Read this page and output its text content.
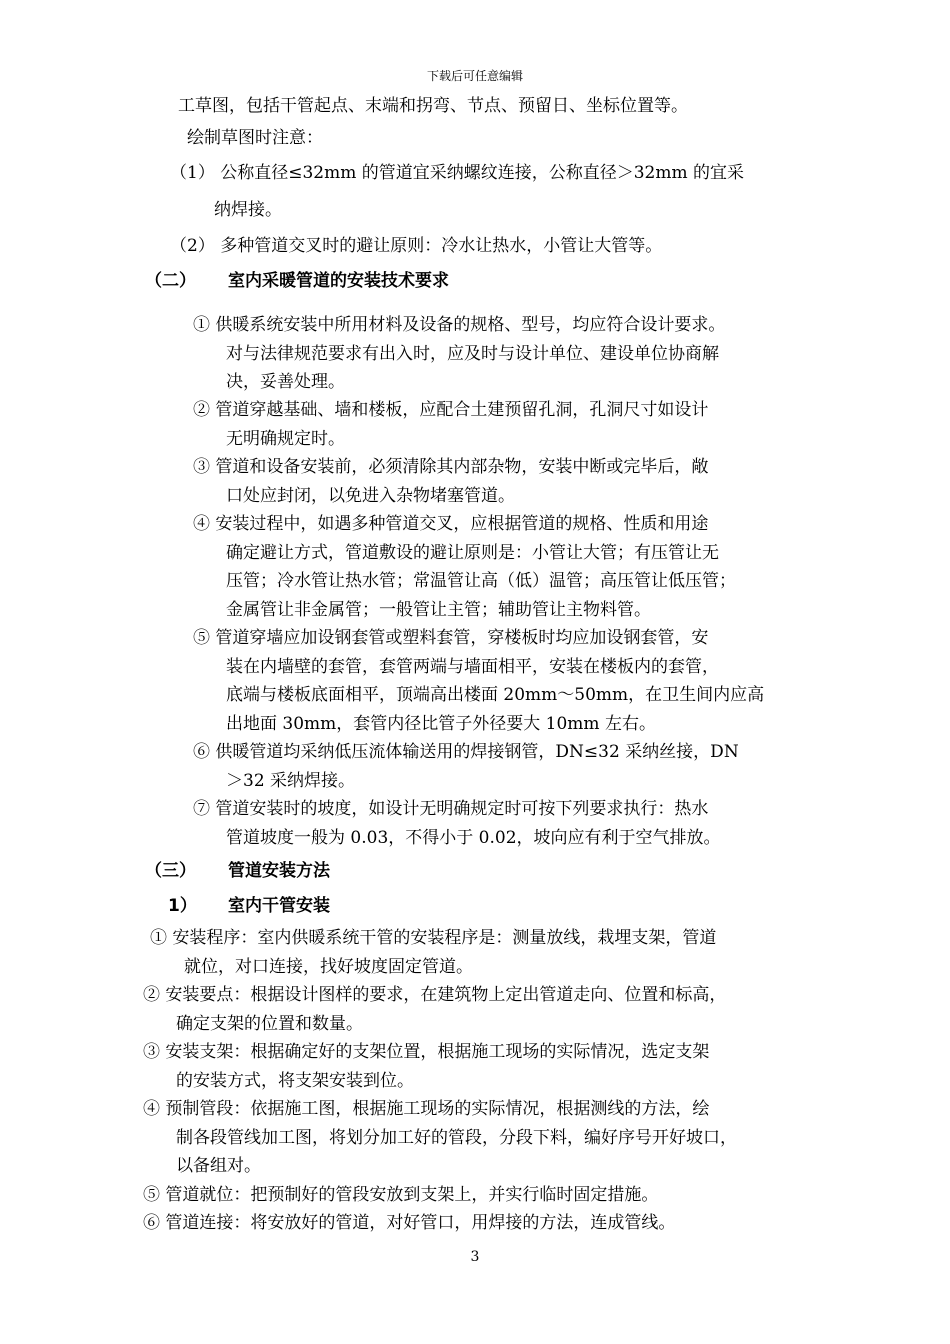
下载后可任意编辑
工草图，包括干管起点、末端和拐弯、节点、预留日、坐标位置等。
绘制草图时注意：
（1） 公称直径≤32mm 的管道宜采纳螺纹连接，公称直径＞32mm 的宜采
纳焊接。
（2） 多种管道交叉时的避让原则：冷水让热水，小管让大管等。
（二） 室内采暖管道的安装技术要求
① 供暖系统安装中所用材料及设备的规格、型号，均应符合设计要求。
对与法律规范要求有出入时，应及时与设计单位、建设单位协商解
决，妥善处理。
② 管道穿越基础、墙和楼板，应配合土建预留孔洞，孔洞尺寸如设计
无明确规定时。
③ 管道和设备安装前，必须清除其内部杂物，安装中断或完毕后，敞
口处应封闭，以免进入杂物堵塞管道。
④ 安装过程中，如遇多种管道交叉，应根据管道的规格、性质和用途
确定避让方式，管道敷设的避让原则是：小管让大管；有压管让无
压管；冷水管让热水管；常温管让高（低）温管；高压管让低压管；
金属管让非金属管；一般管让主管；辅助管让主物料管。
⑤ 管道穿墙应加设钢套管或塑料套管，穿楼板时均应加设钢套管，安
装在内墙壁的套管，套管两端与墙面相平，安装在楼板内的套管，
底端与楼板底面相平，顶端高出楼面 20mm～50mm，在卫生间内应高
出地面 30mm，套管内径比管子外径要大 10mm 左右。
⑥ 供暖管道均采纳低压流体输送用的焊接钢管，DN≤32 采纳丝接，DN
＞32 采纳焊接。
⑦ 管道安装时的坡度，如设计无明确规定时可按下列要求执行：热水
管道坡度一般为 0.03，不得小于 0.02，坡向应有利于空气排放。
（三） 管道安装方法
1） 室内干管安装
① 安装程序：室内供暖系统干管的安装程序是：测量放线，栽埋支架，管道
就位，对口连接，找好坡度固定管道。
② 安装要点：根据设计图样的要求，在建筑物上定出管道走向、位置和标高，
确定支架的位置和数量。
③ 安装支架：根据确定好的支架位置，根据施工现场的实际情况，选定支架
的安装方式，将支架安装到位。
④ 预制管段：依据施工图，根据施工现场的实际情况，根据测线的方法，绘
制各段管线加工图，将划分加工好的管段，分段下料，编好序号开好坡口，
以备组对。
⑤ 管道就位：把预制好的管段安放到支架上，并实行临时固定措施。
⑥ 管道连接：将安放好的管道，对好管口，用焊接的方法，连成管线。
3
